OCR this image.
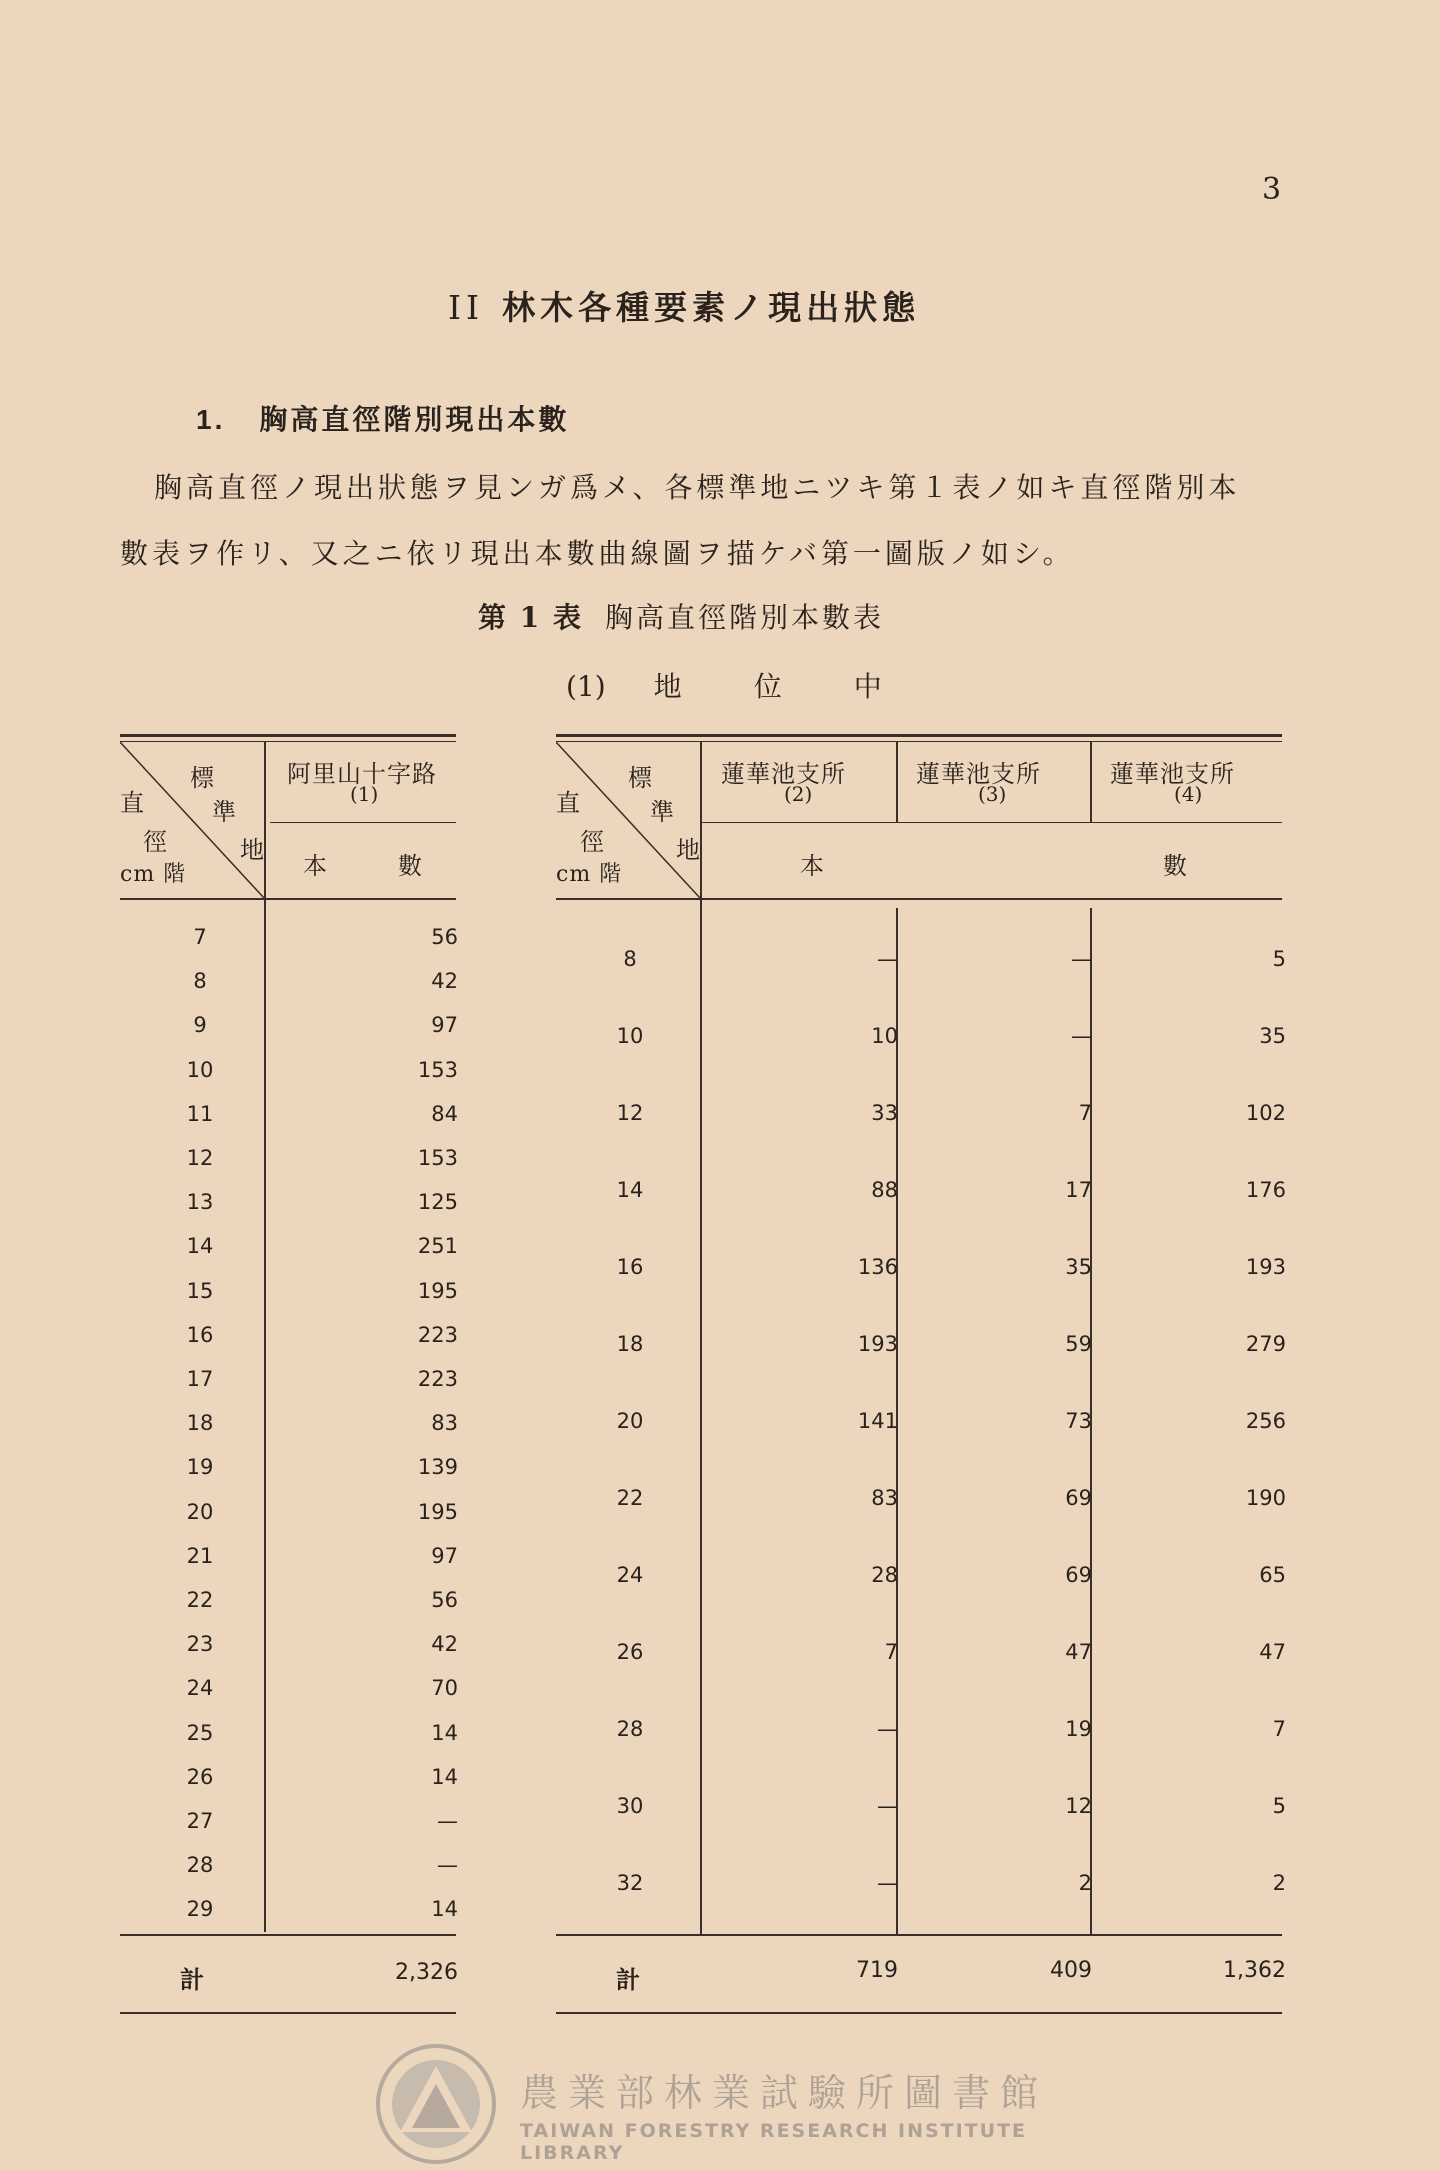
3
II 林木各種要素ノ現出狀態
1. 胸高直徑階別現出本數
胸高直徑ノ現出狀態ヲ見ンガ爲メ、各標準地ニツキ第１表ノ如キ直徑階別本
數表ヲ作リ、又之ニ依リ現出本數曲線圖ヲ描ケバ第一圖版ノ如シ。
第 1 表 胸高直徑階別本數表
(1) 地	位	中
標
直	準
徑	地
cm 階
阿里山十字路
(1)
本	數
7	56
8	42
9	97
10	153
11	84
12	153
13	125
14	251
15	195
16	223
17	223
18	83
19	139
20	195
21	97
22	56
23	42
24	70
25	14
26	14
27	—
28	—
29	14
計	2,326
標
直	準
徑	地
cm 階
蓮華池支所
(2)
蓮華池支所
(3)
蓮華池支所
(4)
本	數
8	—	—	5
10	10	—	35
12	33	7	102
14	88	17	176
16	136	35	193
18	193	59	279
20	141	73	256
22	83	69	190
24	28	69	65
26	7	47	47
28	—	19	7
30	—	12	5
32	—	2	2
計	719	409	1,362
農業部林業試驗所圖書館
TAIWAN FORESTRY RESEARCH INSTITUTE LIBRARY
